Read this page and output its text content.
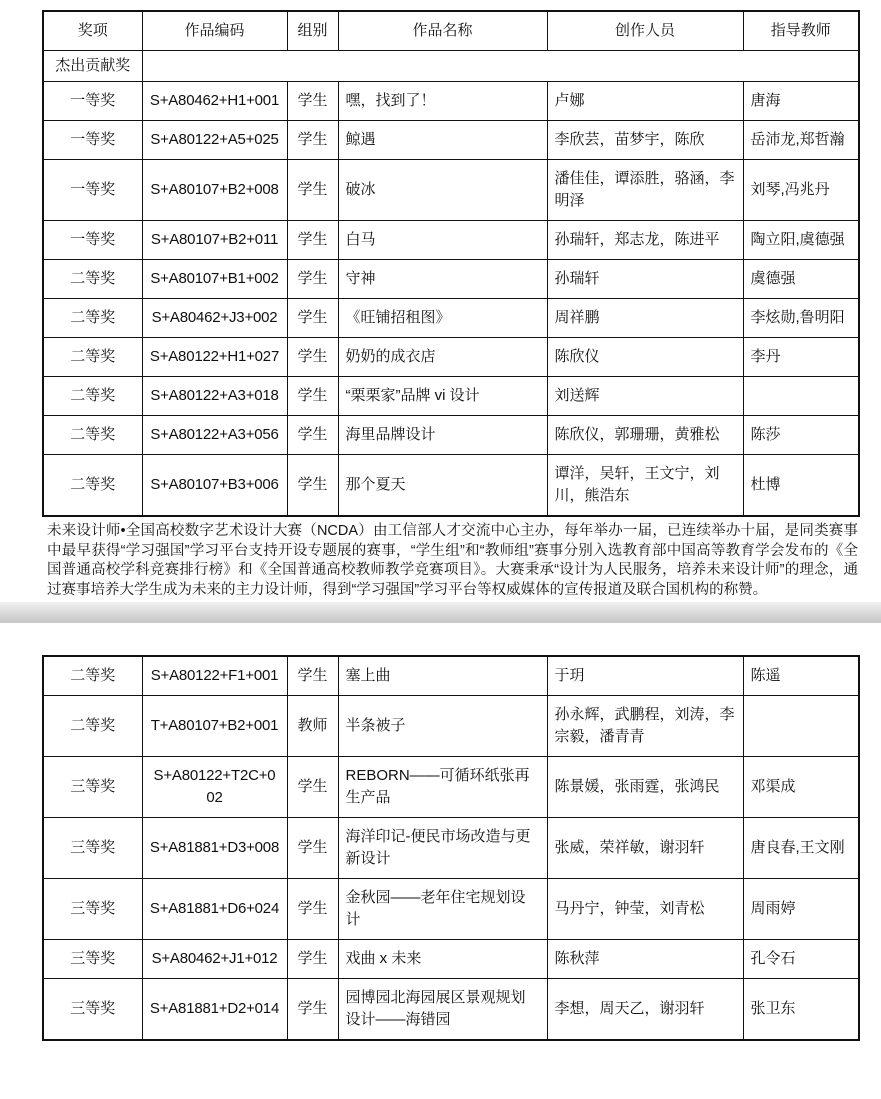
奖项	作品编码	组别	作品名称	创作人员	指导教师
杰出贡献奖					
一等奖	S+A80462+H1+001	学生	嘿，找到了！	卢娜	唐海
一等奖	S+A80122+A5+025	学生	鲸遇	李欣芸，苗梦宇，陈欣	岳沛龙,郑哲瀚
一等奖	S+A80107+B2+008	学生	破冰	潘佳佳，谭添胜，骆涵，李明泽	刘琴,冯兆丹
一等奖	S+A80107+B2+011	学生	白马	孙瑞轩，郑志龙，陈进平	陶立阳,虞德强
二等奖	S+A80107+B1+002	学生	守神	孙瑞轩	虞德强
二等奖	S+A80462+J3+002	学生	《旺铺招租图》	周祥鹏	李炫勋,鲁明阳
二等奖	S+A80122+H1+027	学生	奶奶的成衣店	陈欣仪	李丹
二等奖	S+A80122+A3+018	学生	“栗栗家”品牌 vi 设计	刘送辉	
二等奖	S+A80122+A3+056	学生	海里品牌设计	陈欣仪，郭珊珊，黄雅松	陈莎
二等奖	S+A80107+B3+006	学生	那个夏天	谭洋，吴轩，王文宁，刘川，熊浩东	杜博

未来设计师•全国高校数字艺术设计大赛（NCDA）由工信部人才交流中心主办，每年举办一届，已连续举办十届，是同类赛事中最早获得“学习强国”学习平台支持开设专题展的赛事，“学生组”和“教师组”赛事分别入选教育部中国高等教育学会发布的《全国普通高校学科竞赛排行榜》和《全国普通高校教师教学竞赛项目》。大赛秉承“设计为人民服务，培养未来设计师”的理念，通过赛事培养大学生成为未来的主力设计师，得到“学习强国”学习平台等权威媒体的宣传报道及联合国机构的称赞。

二等奖	S+A80122+F1+001	学生	塞上曲	于玥	陈遥
二等奖	T+A80107+B2+001	教师	半条被子	孙永辉，武鹏程，刘涛，李宗毅，潘青青	
三等奖	S+A80122+T2C+002	学生	REBORN——可循环纸张再生产品	陈景媛，张雨霆，张鸿民	邓渠成
三等奖	S+A81881+D3+008	学生	海洋印记-便民市场改造与更新设计	张威，荣祥敏，谢羽轩	唐良春,王文刚
三等奖	S+A81881+D6+024	学生	金秋园——老年住宅规划设计	马丹宁，钟莹，刘青松	周雨婷
三等奖	S+A80462+J1+012	学生	戏曲 x 未来	陈秋萍	孔令石
三等奖	S+A81881+D2+014	学生	园博园北海园展区景观规划设计——海错园	李想，周天乙，谢羽轩	张卫东
